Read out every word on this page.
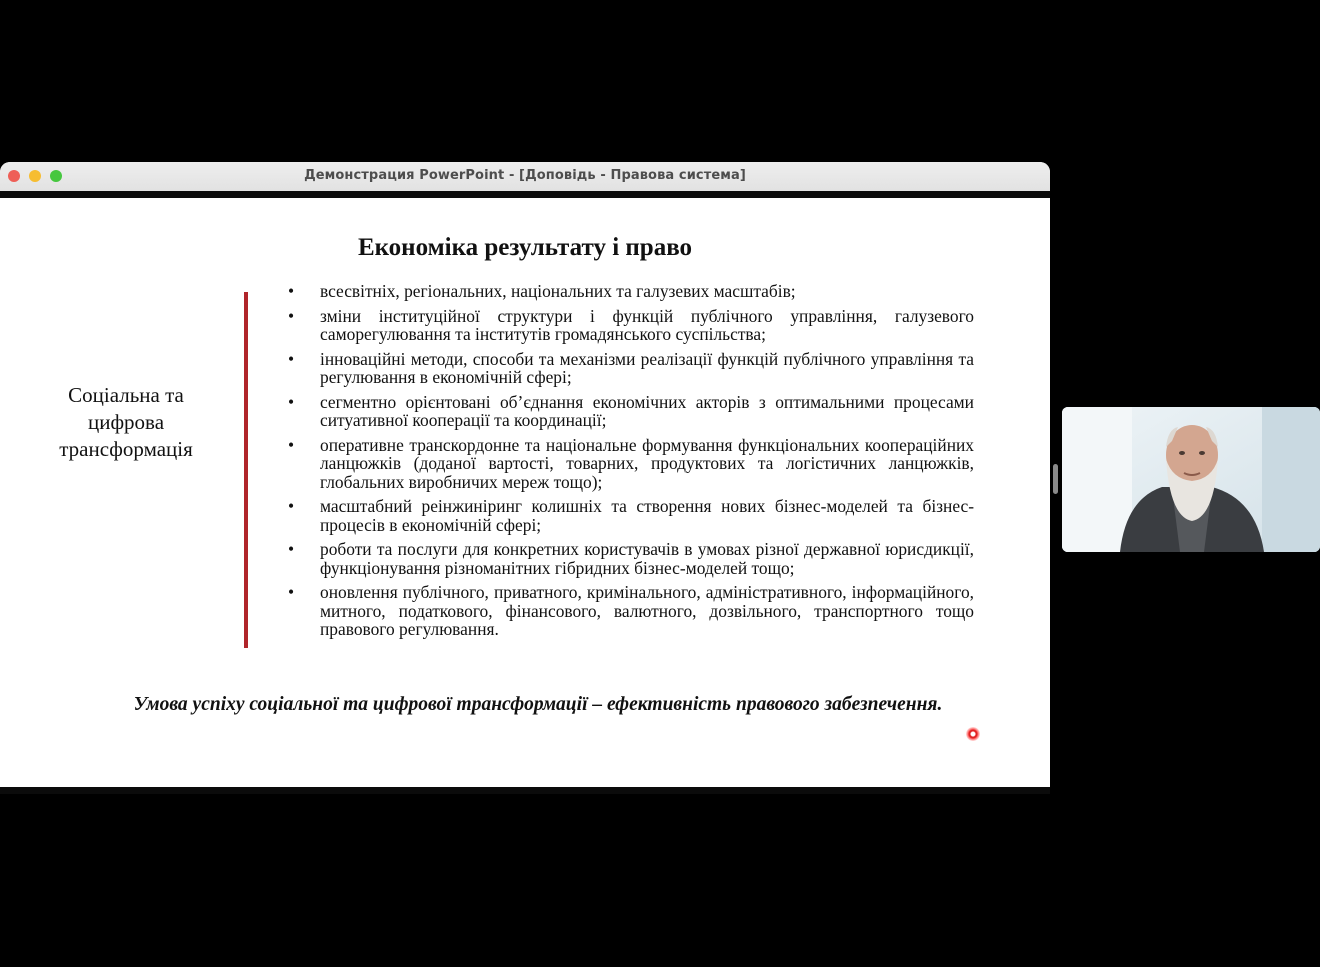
Демонстрация PowerPoint - [Доповідь - Правова система]
Економіка результату і право
Соціальна та
цифрова
трансформація
• всесвітніх, регіональних, національних та галузевих масштабів;
• зміни інституційної структури і функцій публічного управління, галузевого саморегулювання та інститутів громадянського суспільства;
• інноваційні методи, способи та механізми реалізації функцій публічного управління та регулювання в економічній сфері;
• сегментно орієнтовані об’єднання економічних акторів з оптимальними процесами ситуативної кооперації та координації;
• оперативне транскордонне та національне формування функціональних коопераційних ланцюжків (доданої вартості, товарних, продуктових та логістичних ланцюжків, глобальних виробничих мереж тощо);
• масштабний реінжиніринг колишніх та створення нових бізнес-моделей та бізнес-процесів в економічній сфері;
• роботи та послуги для конкретних користувачів в умовах різної державної юрисдикції, функціонування різноманітних гібридних бізнес-моделей тощо;
• оновлення публічного, приватного, кримінального, адміністративного, інформаційного, митного, податкового, фінансового, валютного, дозвільного, транспортного тощо правового регулювання.
Умова успіху соціальної та цифрової трансформації – ефективність правового забезпечення.
